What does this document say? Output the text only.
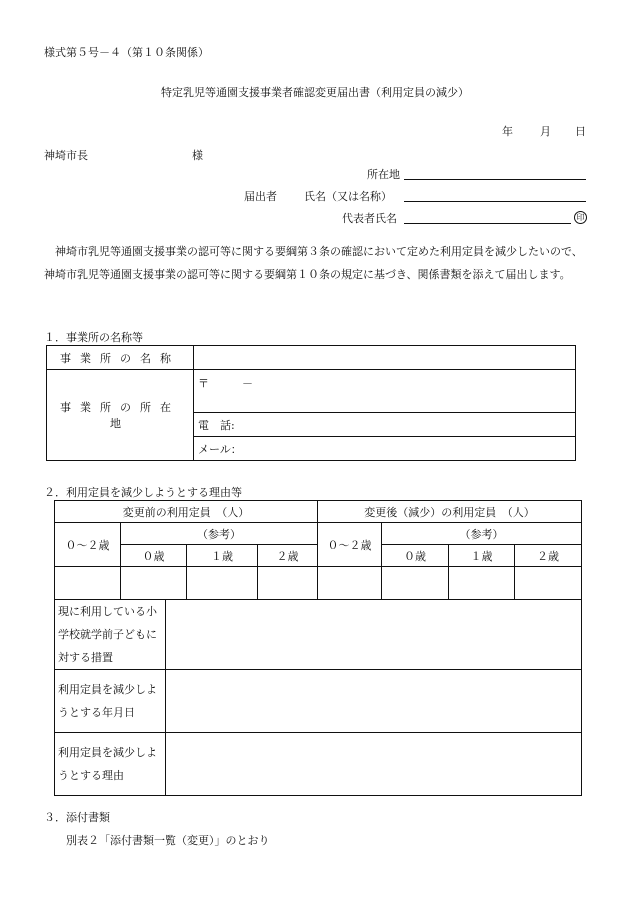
様式第５号－４（第１０条関係）
特定乳児等通園支援事業者確認変更届出書（利用定員の減少）
年 月 日
神埼市長	様
所在地
届出者 氏名（又は名称）
代表者氏名	印
　神埼市乳児等通園支援事業の認可等に関する要綱第３条の確認において定めた利用定員を減少したいので、神埼市乳児等通園支援事業の認可等に関する要綱第１０条の規定に基づき、関係書類を添えて届出します。
１．事業所の名称等
事業所の名称	
事業所の所在地	〒　　　－
	電　話:
	メール：
２．利用定員を減少しようとする理由等
変更前の利用定員　（人）					変更後（減少）の利用定員　（人）			
０～２歳	（参考）				０～２歳	（参考）		
	０歳		１歳	２歳		０歳	１歳	２歳

現に利用している小学校就学前子どもに対する措置								
利用定員を減少しようとする年月日								
利用定員を減少しようとする理由								
３．添付書類
別表２「添付書類一覧（変更）」のとおり
